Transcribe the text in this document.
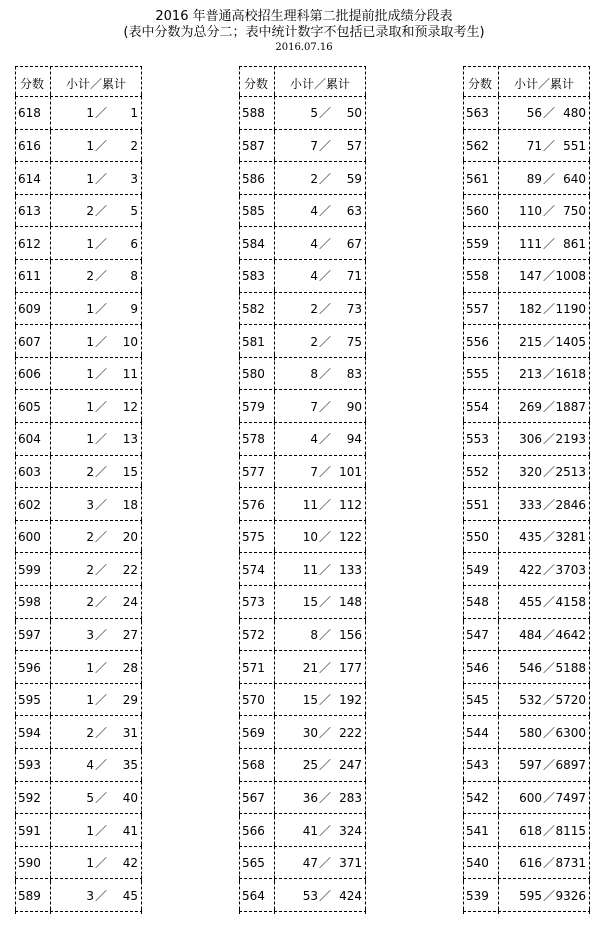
2016 年普通高校招生理科第二批提前批成绩分段表
(表中分数为总分二；表中统计数字不包括已录取和预录取考生)
2016.07.16
分数	小计／累计
618	1 ／	1
616	1 ／	2
614	1 ／	3
613	2 ／	5
612	1 ／	6
611	2 ／	8
609	1 ／	9
607	1 ／	10
606	1 ／	11
605	1 ／	12
604	1 ／	13
603	2 ／	15
602	3 ／	18
600	2 ／	20
599	2 ／	22
598	2 ／	24
597	3 ／	27
596	1 ／	28
595	1 ／	29
594	2 ／	31
593	4 ／	35
592	5 ／	40
591	1 ／	41
590	1 ／	42
589	3 ／	45
分数	小计／累计
588	5 ／	50
587	7 ／	57
586	2 ／	59
585	4 ／	63
584	4 ／	67
583	4 ／	71
582	2 ／	73
581	2 ／	75
580	8 ／	83
579	7 ／	90
578	4 ／	94
577	7 ／ 101
576	11 ／ 112
575	10 ／ 122
574	11 ／ 133
573	15 ／ 148
572	8 ／ 156
571	21 ／ 177
570	15 ／ 192
569	30 ／ 222
568	25 ／ 247
567	36 ／ 283
566	41 ／ 324
565	47 ／ 371
564	53 ／ 424
分数	小计／累计
563	56 ／ 480
562	71 ／ 551
561	89 ／ 640
560	110 ／ 750
559	111 ／ 861
558	147 ／ 1008
557	182 ／ 1190
556	215 ／ 1405
555	213 ／ 1618
554	269 ／ 1887
553	306 ／ 2193
552	320 ／ 2513
551	333 ／ 2846
550	435 ／ 3281
549	422 ／ 3703
548	455 ／ 4158
547	484 ／ 4642
546	546 ／ 5188
545	532 ／ 5720
544	580 ／ 6300
543	597 ／ 6897
542	600 ／ 7497
541	618 ／ 8115
540	616 ／ 8731
539	595 ／ 9326
